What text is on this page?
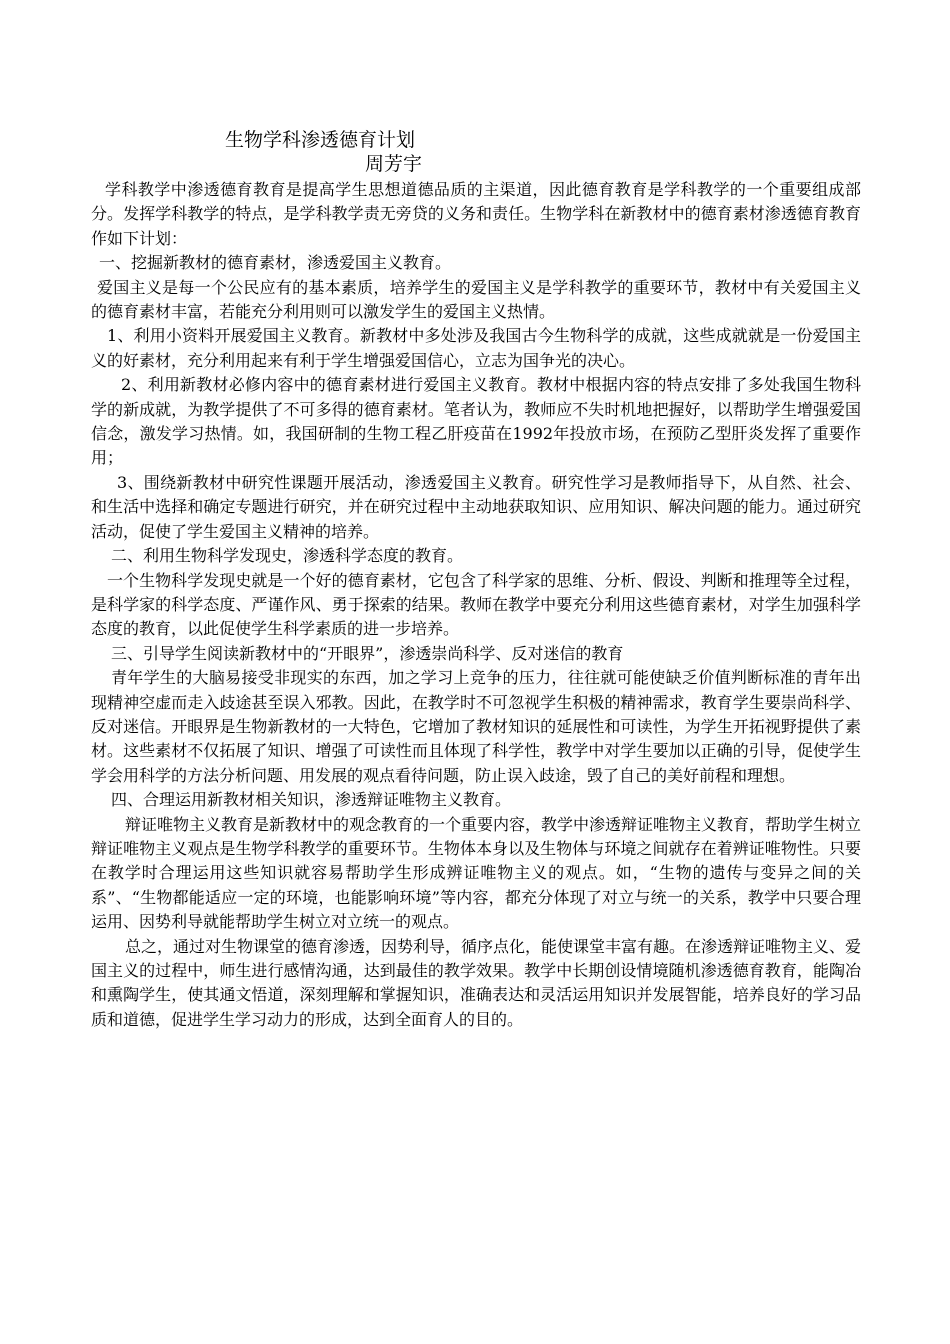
生物学科渗透德育计划
周芳宇

学科教学中渗透德育教育是提高学生思想道德品质的主渠道，因此德育教育是学科教学的一个重要组成部分。发挥学科教学的特点，是学科教学责无旁贷的义务和责任。生物学科在新教材中的德育素材渗透德育教育作如下计划：

一、挖掘新教材的德育素材，渗透爱国主义教育。

爱国主义是每一个公民应有的基本素质，培养学生的爱国主义是学科教学的重要环节，教材中有关爱国主义的德育素材丰富，若能充分利用则可以激发学生的爱国主义热情。

1、利用小资料开展爱国主义教育。新教材中多处涉及我国古今生物科学的成就，这些成就就是一份爱国主义的好素材，充分利用起来有利于学生增强爱国信心，立志为国争光的决心。

2、利用新教材必修内容中的德育素材进行爱国主义教育。教材中根据内容的特点安排了多处我国生物科学的新成就，为教学提供了不可多得的德育素材。笔者认为，教师应不失时机地把握好，以帮助学生增强爱国信念，激发学习热情。如，我国研制的生物工程乙肝疫苗在1992年投放市场，在预防乙型肝炎发挥了重要作用；

3、围绕新教材中研究性课题开展活动，渗透爱国主义教育。研究性学习是教师指导下，从自然、社会、和生活中选择和确定专题进行研究，并在研究过程中主动地获取知识、应用知识、解决问题的能力。通过研究活动，促使了学生爱国主义精神的培养。

二、利用生物科学发现史，渗透科学态度的教育。

一个生物科学发现史就是一个好的德育素材，它包含了科学家的思维、分析、假设、判断和推理等全过程，是科学家的科学态度、严谨作风、勇于探索的结果。教师在教学中要充分利用这些德育素材，对学生加强科学态度的教育，以此促使学生科学素质的进一步培养。

三、引导学生阅读新教材中的“开眼界”，渗透崇尚科学、反对迷信的教育

青年学生的大脑易接受非现实的东西，加之学习上竞争的压力，往往就可能使缺乏价值判断标准的青年出现精神空虚而走入歧途甚至误入邪教。因此，在教学时不可忽视学生积极的精神需求，教育学生要崇尚科学、反对迷信。开眼界是生物新教材的一大特色，它增加了教材知识的延展性和可读性，为学生开拓视野提供了素材。这些素材不仅拓展了知识、增强了可读性而且体现了科学性，教学中对学生要加以正确的引导，促使学生学会用科学的方法分析问题、用发展的观点看待问题，防止误入歧途，毁了自己的美好前程和理想。

四、合理运用新教材相关知识，渗透辩证唯物主义教育。

辩证唯物主义教育是新教材中的观念教育的一个重要内容，教学中渗透辩证唯物主义教育，帮助学生树立辩证唯物主义观点是生物学科教学的重要环节。生物体本身以及生物体与环境之间就存在着辨证唯物性。只要在教学时合理运用这些知识就容易帮助学生形成辨证唯物主义的观点。如，“生物的遗传与变异之间的关系”、“生物都能适应一定的环境，也能影响环境”等内容，都充分体现了对立与统一的关系，教学中只要合理运用、因势利导就能帮助学生树立对立统一的观点。

总之，通过对生物课堂的德育渗透，因势利导，循序点化，能使课堂丰富有趣。在渗透辩证唯物主义、爱国主义的过程中，师生进行感情沟通，达到最佳的教学效果。教学中长期创设情境随机渗透德育教育，能陶冶和熏陶学生，使其通文悟道，深刻理解和掌握知识，准确表达和灵活运用知识并发展智能，培养良好的学习品质和道德，促进学生学习动力的形成，达到全面育人的目的。
